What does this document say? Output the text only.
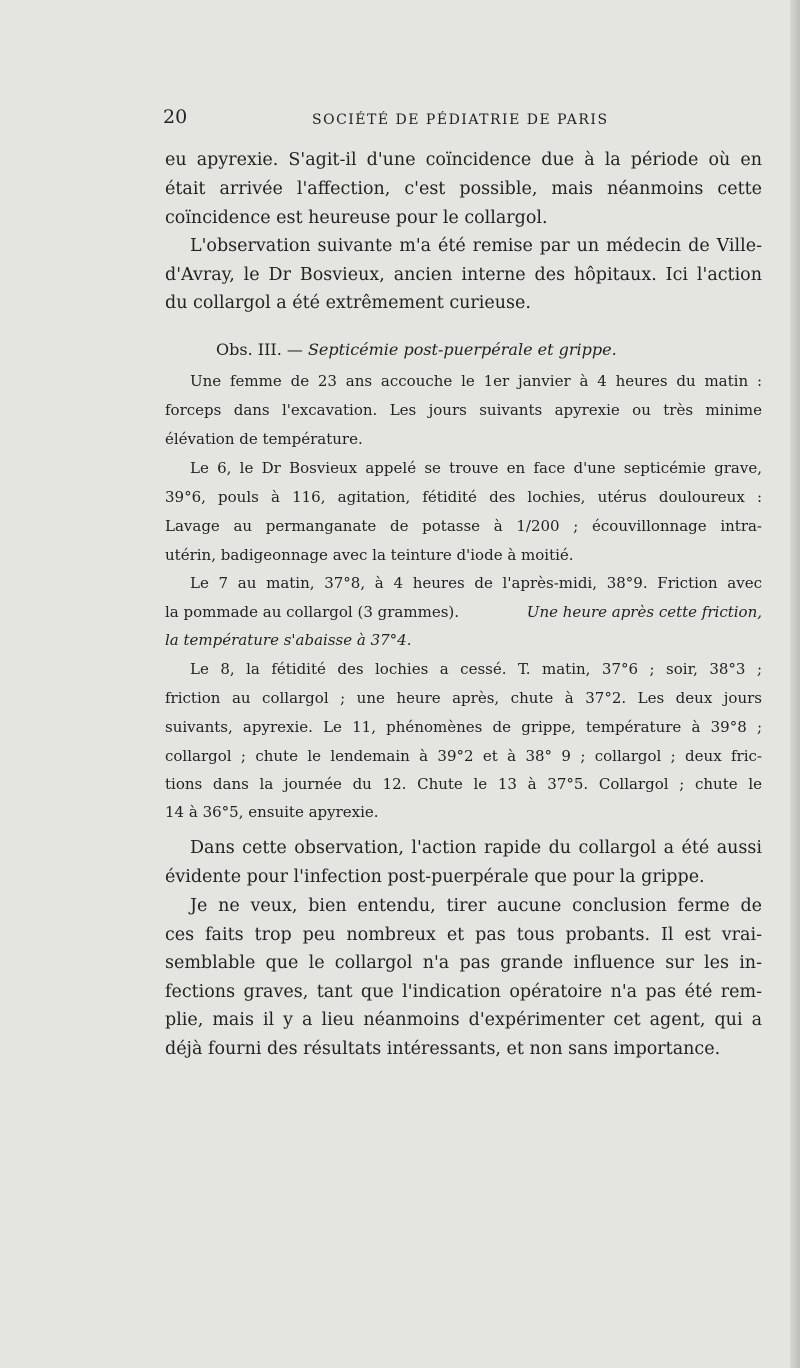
20	SOCIÉTÉ DE PÉDIATRIE DE PARIS
eu apyrexie. S'agit-il d'une coïncidence due à la période où en
était arrivée l'affection, c'est possible, mais néanmoins cette
coïncidence est heureuse pour le collargol.
L'observation suivante m'a été remise par un médecin de Ville-
d'Avray, le Dr Bosvieux, ancien interne des hôpitaux. Ici l'action
du collargol a été extrêmement curieuse.
Obs. III. — Septicémie post-puerpérale et grippe.
Une femme de 23 ans accouche le 1er janvier à 4 heures du matin :
forceps dans l'excavation. Les jours suivants apyrexie ou très minime
élévation de température.
Le 6, le Dr Bosvieux appelé se trouve en face d'une septicémie grave,
39°6, pouls à 116, agitation, fétidité des lochies, utérus douloureux :
Lavage au permanganate de potasse à 1/200 ; écouvillonnage intra-
utérin, badigeonnage avec la teinture d'iode à moitié.
Le 7 au matin, 37°8, à 4 heures de l'après-midi, 38°9. Friction avec
la pommade au collargol (3 grammes).	Une heure après cette friction,
la température s'abaisse à 37°4.
Le 8, la fétidité des lochies a cessé. T. matin, 37°6 ; soir, 38°3 ;
friction au collargol ; une heure après, chute à 37°2. Les deux jours
suivants, apyrexie. Le 11, phénomènes de grippe, température à 39°8 ;
collargol ; chute le lendemain à 39°2 et à 38° 9 ; collargol ; deux fric-
tions dans la journée du 12. Chute le 13 à 37°5. Collargol ; chute le
14 à 36°5, ensuite apyrexie.
Dans cette observation, l'action rapide du collargol a été aussi
évidente pour l'infection post-puerpérale que pour la grippe.
Je ne veux, bien entendu, tirer aucune conclusion ferme de
ces faits trop peu nombreux et pas tous probants. Il est vrai-
semblable que le collargol n'a pas grande influence sur les in-
fections graves, tant que l'indication opératoire n'a pas été rem-
plie, mais il y a lieu néanmoins d'expérimenter cet agent, qui a
déjà fourni des résultats intéressants, et non sans importance.
